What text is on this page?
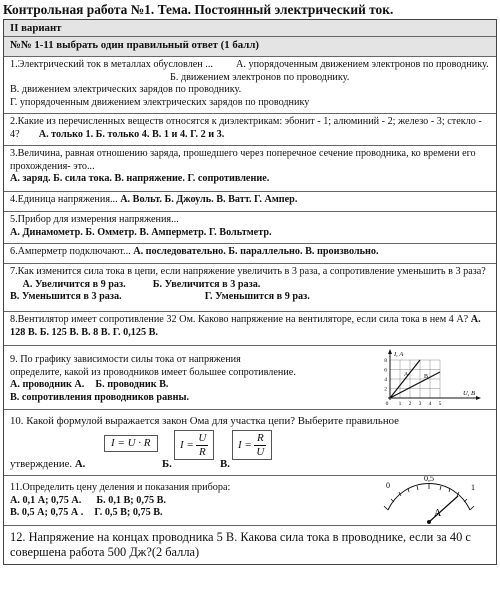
Контрольная работа №1. Тема. Постоянный электрический ток.
II вариант
№№ 1-11 выбрать один правильный ответ (1 балл)
1.Электрический ток в металлах обусловлен ... А. упорядоченным движением электронов по проводнику.
Б. движением электронов по проводнику.
В. движением электрических зарядов по проводнику.
Г. упорядоченным движением электрических зарядов по проводнику
2.Какие из перечисленных веществ относятся к диэлектрикам: эбонит - 1; алюминий - 2; железо - 3; стекло - 4? А. только 1. Б. только 4. В. 1 и 4. Г. 2 и 3.
3.Величина, равная отношению заряда, прошедшего через поперечное сечение проводника, ко времени его прохождения- это...
А. заряд. Б. сила тока. В. напряжение. Г. сопротивление.
4.Единица напряжения... А. Вольт. Б. Джоуль. В. Ватт. Г. Ампер.
5.Прибор для измерения напряжения...
А. Динамометр. Б. Омметр. В. Амперметр. Г. Вольтметр.
6.Амперметр подключают... А. последовательно. Б. параллельно. В. произвольно.
7.Как изменится сила тока в цепи, если напряжение увеличить в 3 раза, а сопротивление уменьшить в 3 раза?  А. Увеличится в 9 раз.	Б. Увеличится в 3 раза.
В. Уменьшится в 3 раза.	Г. Уменьшится в 9 раз.
8.Вентилятор имеет сопротивление 32 Ом. Каково напряжение на вентиляторе, если сила тока в нем 4 А? А. 128 В. Б. 125 В. В. 8 В. Г. 0,125 В.
9. По графику зависимости силы тока от напряжения
определите, какой из проводников имеет большее сопротивление.
А. проводник А. Б. проводник В.
В. сопротивления проводников равны.
I, A
U, B
A	B
8
6
4
2
0 1 2 3 4 5
10. Какой формулой выражается закон Ома для участка цепи? Выберите правильное
I = U · R	$I = \frac{U}{R}$	$I = \frac{R}{U}$
утверждение. А.	Б.	В.
11.Определить цену деления и показания прибора:
А. 0,1 А; 0,75 А. Б. 0,1 В; 0,75 В.
В. 0,5 А; 0,75 А . Г. 0,5 В; 0,75 В.
0
0,5
1
A
12. Напряжение на концах проводника 5 В. Какова сила тока в проводнике, если за 40 с совершена работа 500 Дж?(2 балла)
